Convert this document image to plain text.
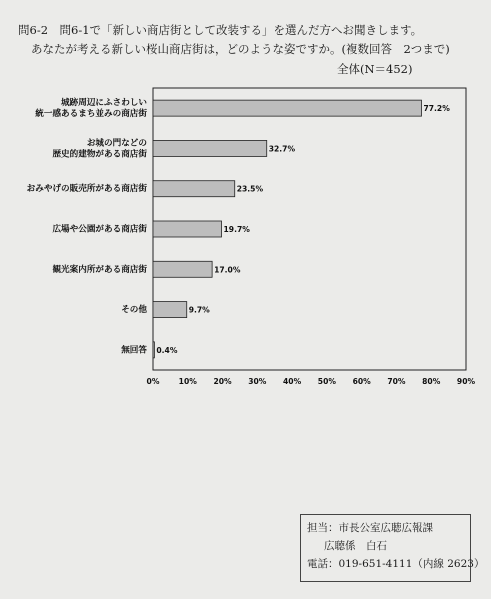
問6-2　問6-1で「新しい商店街として改装する」を選んだ方へお聞きします。
あなたが考える新しい桜山商店街は，どのような姿ですか。(複数回答　2つまで)
全体(N＝452)
77.2%
32.7%
23.5%
19.7%
17.0%
9.7%
0.4%
城跡周辺にふさわしい
統一感あるまち並みの商店街
お城の門などの
歴史的建物がある商店街
おみやげの販売所がある商店街
広場や公園がある商店街
観光案内所がある商店街
その他
無回答
0%	10% 20% 30% 40% 50% 60% 70% 80% 90%
担当：市長公室広聴広報課
広聴係　白石
電話：019-651-4111（内線 2623）
